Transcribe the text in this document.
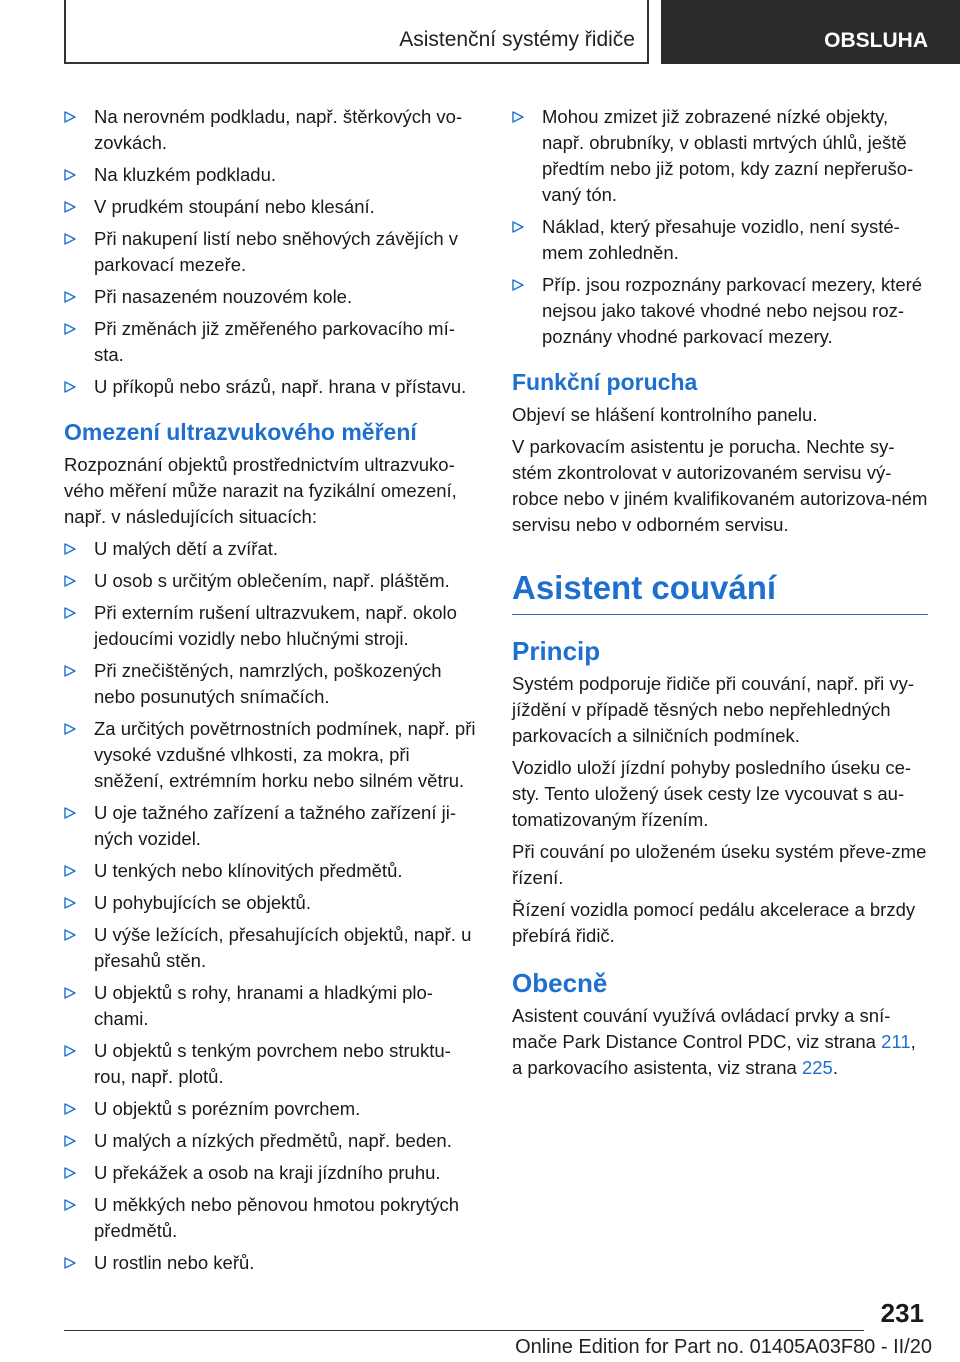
Asistenční systémy řidiče	OBSLUHA
Na nerovném podkladu, např. štěrkových vo-zovkách.
Na kluzkém podkladu.
V prudkém stoupání nebo klesání.
Při nakupení listí nebo sněhových závějích v parkovací mezeře.
Při nasazeném nouzovém kole.
Při změnách již změřeného parkovacího mí-sta.
U příkopů nebo srázů, např. hrana v přístavu.
Omezení ultrazvukového měření

Rozpoznání objektů prostřednictvím ultrazvuko-vého měření může narazit na fyzikální omezení, např. v následujících situacích:

U malých dětí a zvířat.
U osob s určitým oblečením, např. pláštěm.
Při externím rušení ultrazvukem, např. okolo jedoucími vozidly nebo hlučnými stroji.
Při znečištěných, namrzlých, poškozených nebo posunutých snímačích.
Za určitých povětrnostních podmínek, např. při vysoké vzdušné vlhkosti, za mokra, při sněžení, extrémním horku nebo silném větru.
U oje tažného zařízení a tažného zařízení ji-ných vozidel.
U tenkých nebo klínovitých předmětů.
U pohybujících se objektů.
U výše ležících, přesahujících objektů, např. u přesahů stěn.
U objektů s rohy, hranami a hladkými plo-chami.
U objektů s tenkým povrchem nebo struktu-rou, např. plotů.
U objektů s porézním povrchem.
U malých a nízkých předmětů, např. beden.
U překážek a osob na kraji jízdního pruhu.
U měkkých nebo pěnovou hmotou pokrytých předmětů.
U rostlin nebo keřů.
Mohou zmizet již zobrazené nízké objekty, např. obrubníky, v oblasti mrtvých úhlů, ještě předtím nebo již potom, kdy zazní nepřerušo-vaný tón.
Náklad, který přesahuje vozidlo, není systé-mem zohledněn.
Příp. jsou rozpoznány parkovací mezery, které nejsou jako takové vhodné nebo nejsou roz-poznány vhodné parkovací mezery.
Funkční porucha

Objeví se hlášení kontrolního panelu.

V parkovacím asistentu je porucha. Nechte sy-stém zkontrolovat v autorizovaném servisu vý-robce nebo v jiném kvalifikovaném autorizova-ném servisu nebo v odborném servisu.

Asistent couvání
Princip

Systém podporuje řidiče při couvání, např. při vy-jíždění v případě těsných nebo nepřehledných parkovacích a silničních podmínek.

Vozidlo uloží jízdní pohyby posledního úseku ce-sty. Tento uložený úsek cesty lze vycouvat s au-tomatizovaným řízením.

Při couvání po uloženém úseku systém převe-zme řízení.

Řízení vozidla pomocí pedálu akcelerace a brzdy přebírá řidič.

Obecně

Asistent couvání využívá ovládací prvky a sní-mače Park Distance Control PDC, viz strana 211, a parkovacího asistenta, viz strana 225.

231
Online Edition for Part no. 01405A03F80 - II/20
